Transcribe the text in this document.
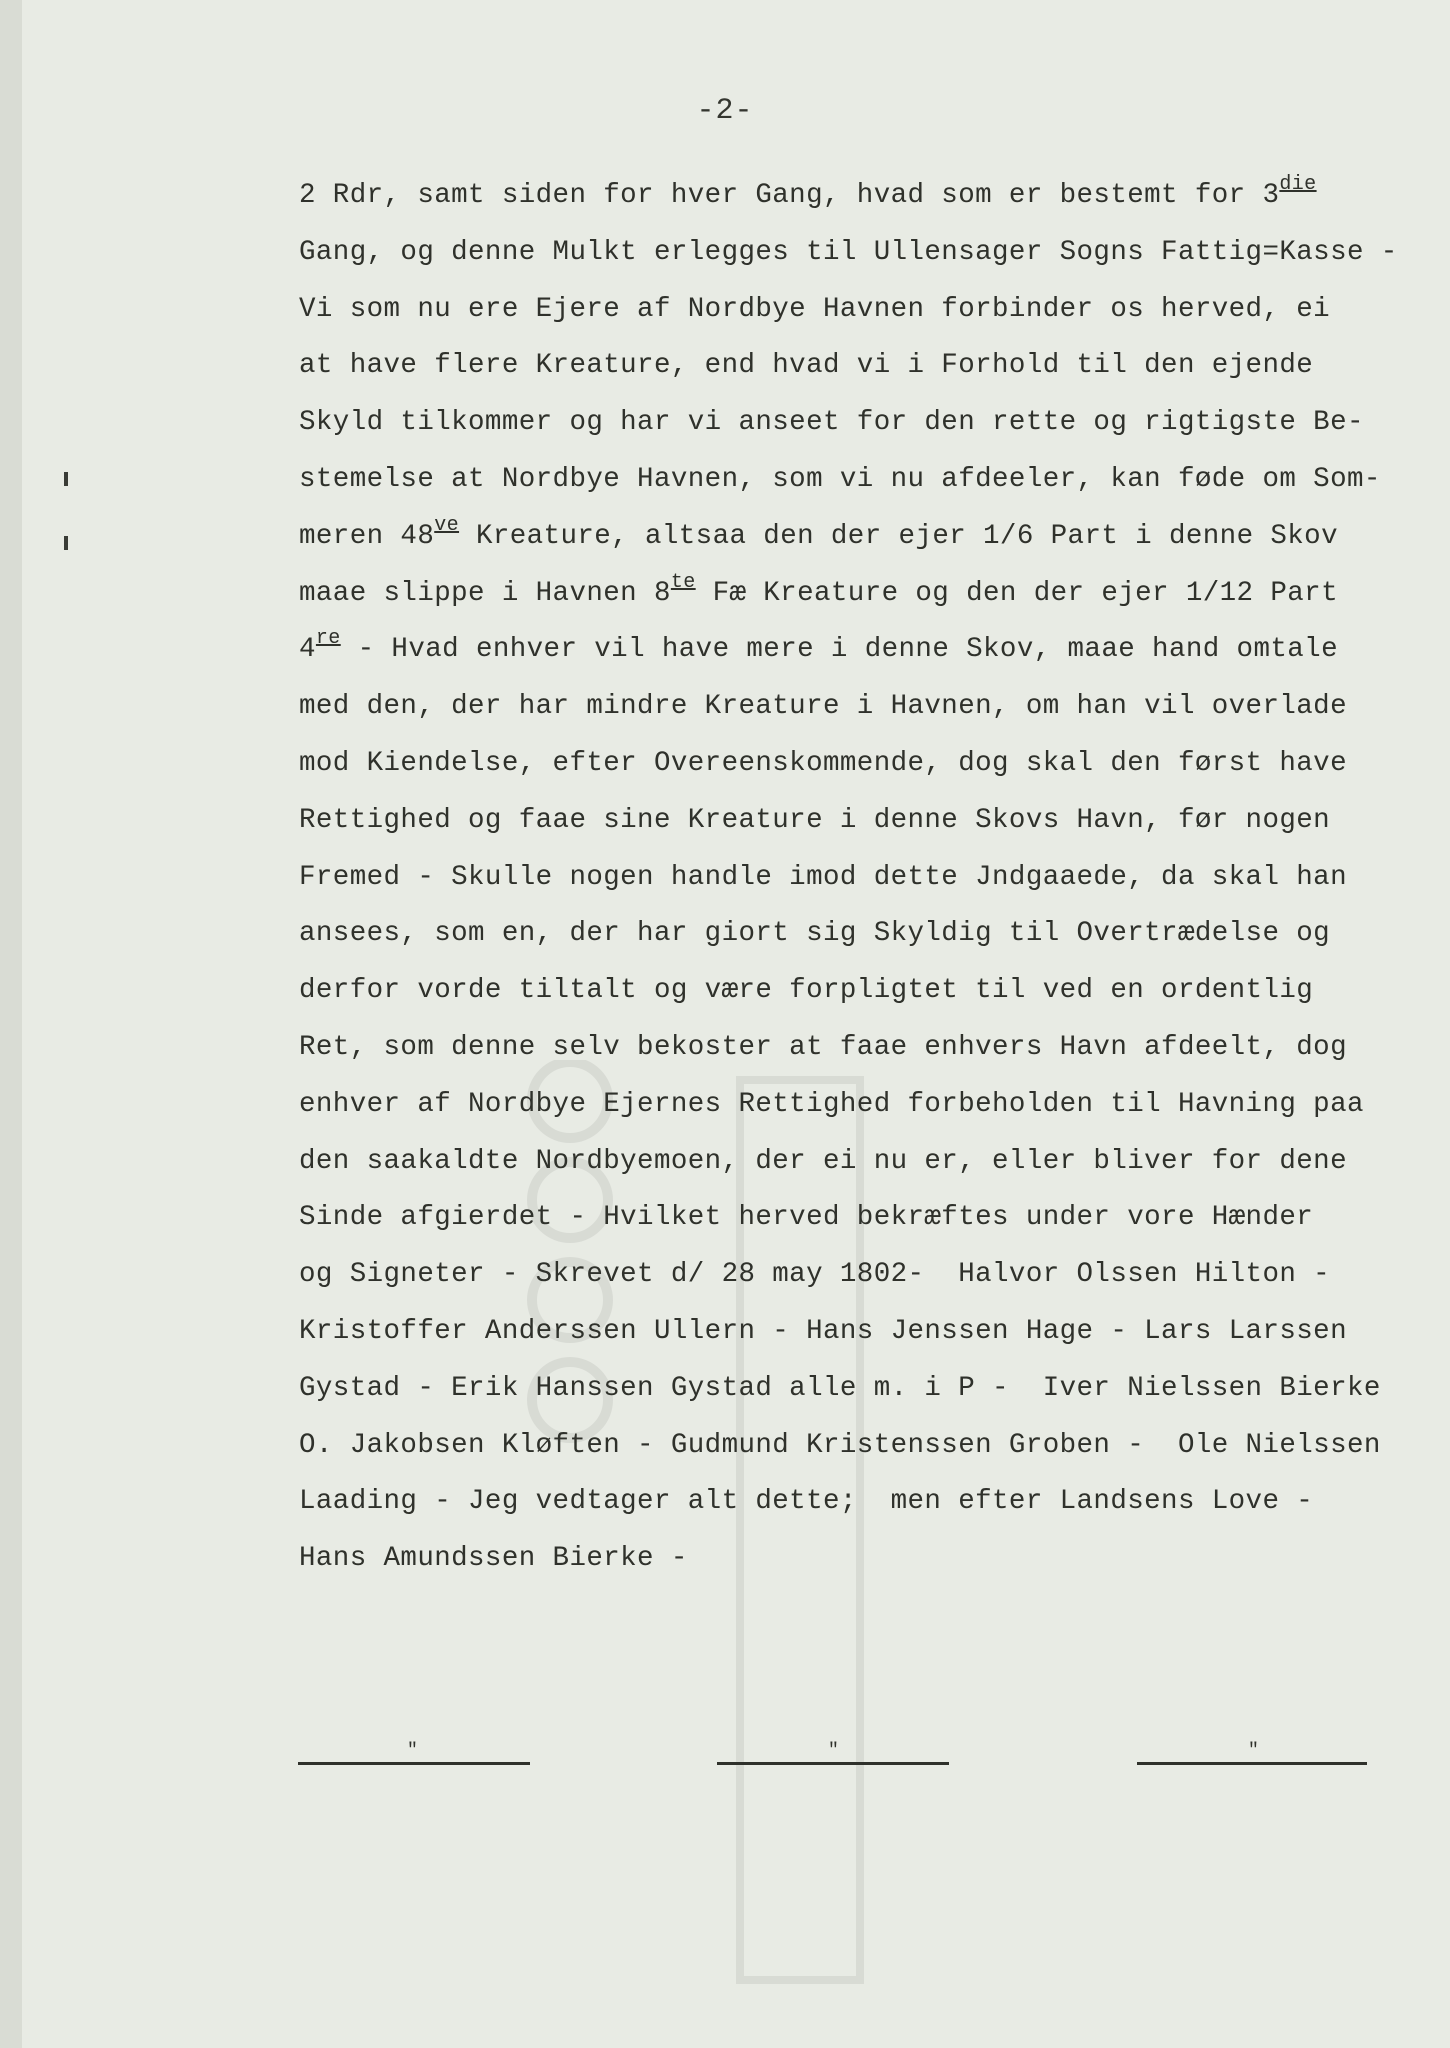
-2-
2 Rdr, samt siden for hver Gang, hvad som er bestemt for $3^{die}$
Gang, og denne Mulkt erlegges til Ullensager Sogns Fattig=Kasse -
Vi som nu ere Ejere af Nordbye Havnen forbinder os herved, ei
at have flere Kreature, end hvad vi i Forhold til den ejende
Skyld tilkommer og har vi anseet for den rette og rigtigste Be-
stemelse at Nordbye Havnen, som vi nu afdeeler, kan føde om Som-
meren $48^{ve}$ Kreature, altsaa den der ejer 1/6 Part i denne Skov
maae slippe i Havnen $8^{te}$ Fæ Kreature og den der ejer 1/12 Part
4re - Hvad enhver vil have mere i denne Skov, maae hand omtale
med den, der har mindre Kreature i Havnen, om han vil overlade
mod Kiendelse, efter Overeenskommende, dog skal den først have
Rettighed og faae sine Kreature i denne Skovs Havn, før nogen
Fremed - Skulle nogen handle imod dette Jndgaaede, da skal han
ansees, som en, der har giort sig Skyldig til Overtrædelse og
derfor vorde tiltalt og være forpligtet til ved en ordentlig
Ret, som denne selv bekoster at faae enhvers Havn afdeelt, dog
enhver af Nordbye Ejernes Rettighed forbeholden til Havning paa
den saakaldte Nordbyemoen, der ei nu er, eller bliver for dene
Sinde afgierdet - Hvilket herved bekræftes under vore Hænder
og Signeter - Skrevet d/ 28 may 1802-  Halvor Olssen Hilton -
Kristoffer Anderssen Ullern - Hans Jenssen Hage - Lars Larssen
Gystad - Erik Hanssen Gystad alle m. i P -  Iver Nielssen Bierke
O. Jakobsen Kløften - Gudmund Kristenssen Groben -  Ole Nielssen
Laading - Jeg vedtager alt dette;  men efter Landsens Love -
Hans Amundssen Bierke -
"	"	"
